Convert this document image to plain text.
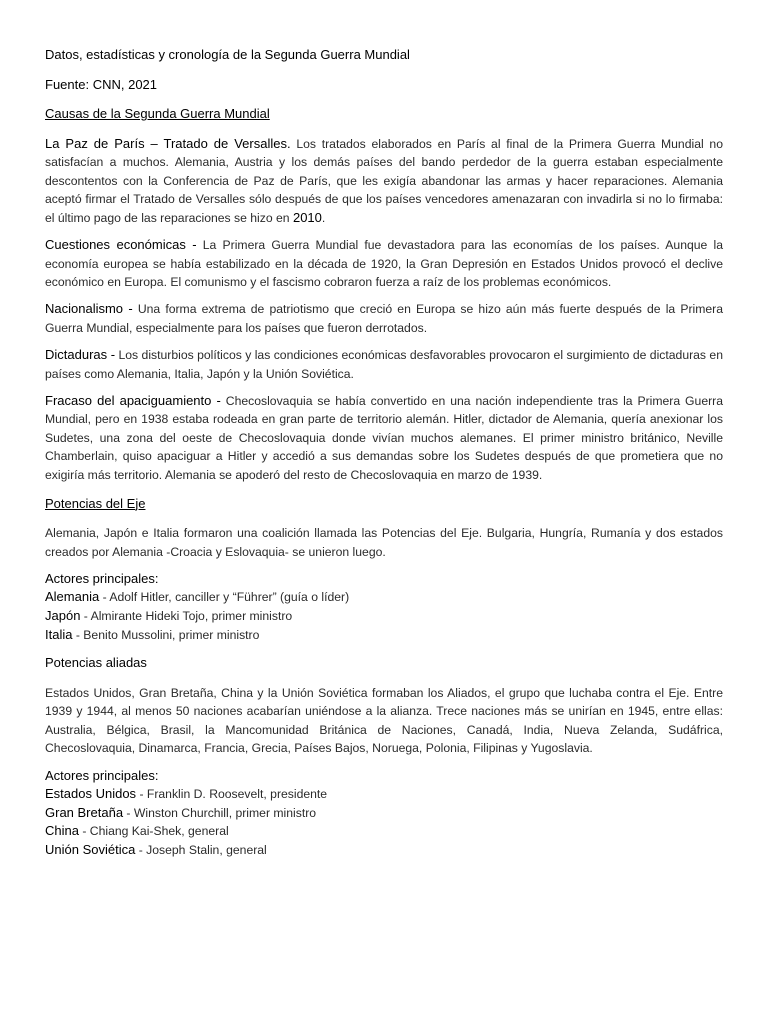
Datos, estadísticas y cronología de la Segunda Guerra Mundial

Fuente: CNN, 2021

Causas de la Segunda Guerra Mundial

La Paz de París – Tratado de Versalles. Los tratados elaborados en París al final de la Primera Guerra Mundial no satisfacían a muchos. Alemania, Austria y los demás países del bando perdedor de la guerra estaban especialmente descontentos con la Conferencia de Paz de París, que les exigía abandonar las armas y hacer reparaciones. Alemania aceptó firmar el Tratado de Versalles sólo después de que los países vencedores amenazaran con invadirla si no lo firmaba: el último pago de las reparaciones se hizo en 2010.

Cuestiones económicas - La Primera Guerra Mundial fue devastadora para las economías de los países. Aunque la economía europea se había estabilizado en la década de 1920, la Gran Depresión en Estados Unidos provocó el declive económico en Europa. El comunismo y el fascismo cobraron fuerza a raíz de los problemas económicos.

Nacionalismo - Una forma extrema de patriotismo que creció en Europa se hizo aún más fuerte después de la Primera Guerra Mundial, especialmente para los países que fueron derrotados.

Dictaduras - Los disturbios políticos y las condiciones económicas desfavorables provocaron el surgimiento de dictaduras en países como Alemania, Italia, Japón y la Unión Soviética.

Fracaso del apaciguamiento - Checoslovaquia se había convertido en una nación independiente tras la Primera Guerra Mundial, pero en 1938 estaba rodeada en gran parte de territorio alemán. Hitler, dictador de Alemania, quería anexionar los Sudetes, una zona del oeste de Checoslovaquia donde vivían muchos alemanes. El primer ministro británico, Neville Chamberlain, quiso apaciguar a Hitler y accedió a sus demandas sobre los Sudetes después de que prometiera que no exigiría más territorio. Alemania se apoderó del resto de Checoslovaquia en marzo de 1939.

Potencias del Eje

Alemania, Japón e Italia formaron una coalición llamada las Potencias del Eje. Bulgaria, Hungría, Rumanía y dos estados creados por Alemania -Croacia y Eslovaquia- se unieron luego.

Actores principales:

Alemania - Adolf Hitler, canciller y “Führer” (guía o líder)

Japón - Almirante Hideki Tojo, primer ministro

Italia - Benito Mussolini, primer ministro

Potencias aliadas

Estados Unidos, Gran Bretaña, China y la Unión Soviética formaban los Aliados, el grupo que luchaba contra el Eje. Entre 1939 y 1944, al menos 50 naciones acabarían uniéndose a la alianza. Trece naciones más se unirían en 1945, entre ellas: Australia, Bélgica, Brasil, la Mancomunidad Británica de Naciones, Canadá, India, Nueva Zelanda, Sudáfrica, Checoslovaquia, Dinamarca, Francia, Grecia, Países Bajos, Noruega, Polonia, Filipinas y Yugoslavia.

Actores principales:

Estados Unidos - Franklin D. Roosevelt, presidente

Gran Bretaña - Winston Churchill, primer ministro

China - Chiang Kai-Shek, general

Unión Soviética - Joseph Stalin, general
